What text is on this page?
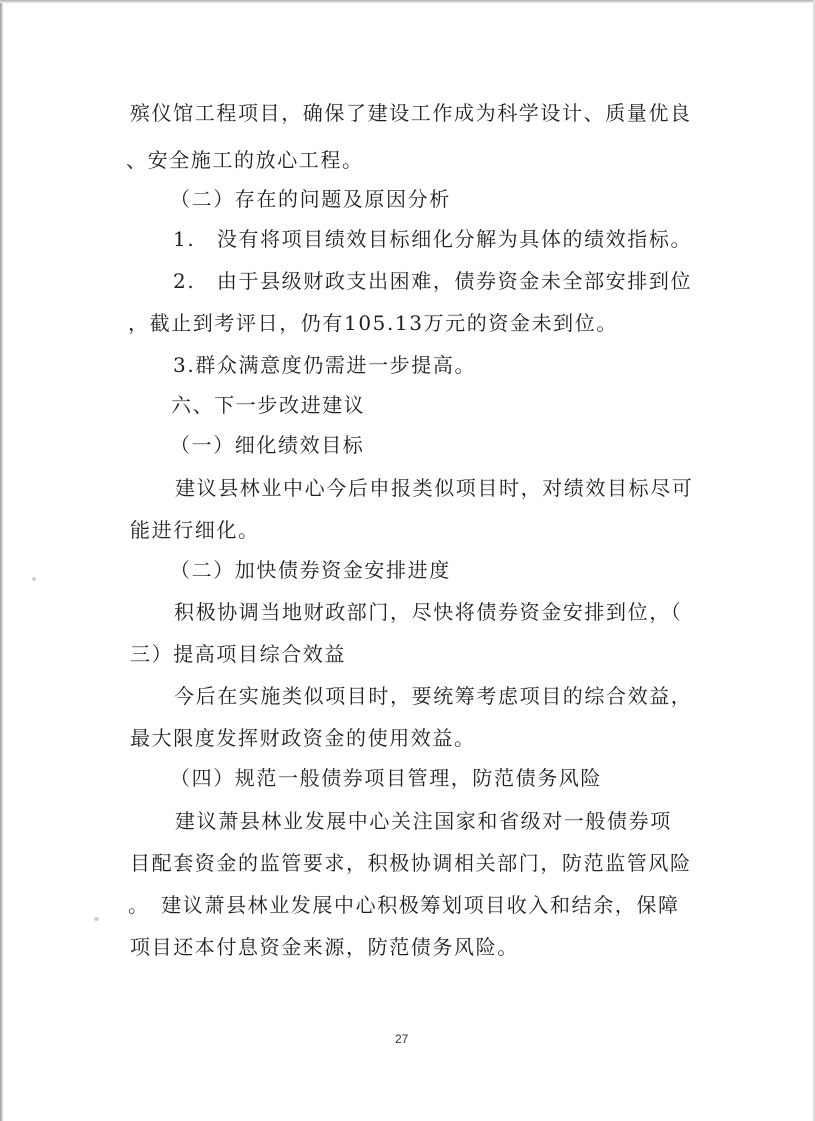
殡仪馆工程项目，确保了建设工作成为科学设计、质量优良
、安全施工的放心工程。
（二）存在的问题及原因分析
1.　没有将项目绩效目标细化分解为具体的绩效指标。
2.　由于县级财政支出困难，债券资金未全部安排到位
，截止到考评日，仍有105.13万元的资金未到位。
3.群众满意度仍需进一步提高。
六、下一步改进建议
（一）细化绩效目标
建议县林业中心今后申报类似项目时，对绩效目标尽可
能进行细化。
（二）加快债券资金安排进度
积极协调当地财政部门，尽快将债券资金安排到位，（
三）提高项目综合效益
今后在实施类似项目时，要统筹考虑项目的综合效益，
最大限度发挥财政资金的使用效益。
（四）规范一般债券项目管理，防范债务风险
建议萧县林业发展中心关注国家和省级对一般债券项
目配套资金的监管要求，积极协调相关部门，防范监管风险
。　建议萧县林业发展中心积极筹划项目收入和结余，保障
项目还本付息资金来源，防范债务风险。
27
